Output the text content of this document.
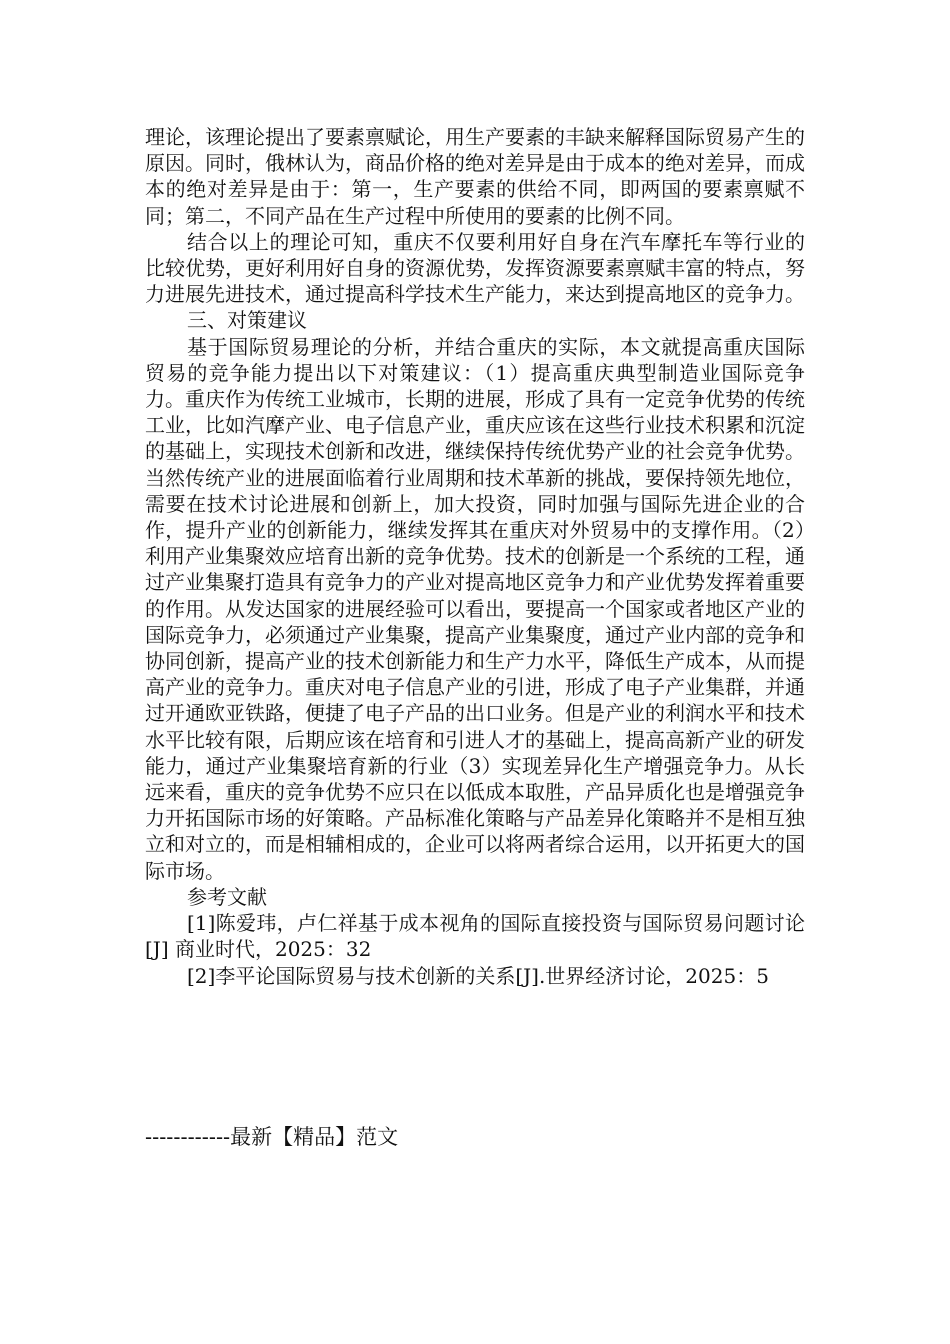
理论，该理论提出了要素禀赋论，用生产要素的丰缺来解释国际贸易产生的原因。同时，俄林认为，商品价格的绝对差异是由于成本的绝对差异，而成本的绝对差异是由于：第一，生产要素的供给不同，即两国的要素禀赋不同；第二，不同产品在生产过程中所使用的要素的比例不同。

结合以上的理论可知，重庆不仅要利用好自身在汽车摩托车等行业的比较优势，更好利用好自身的资源优势，发挥资源要素禀赋丰富的特点，努力进展先进技术，通过提高科学技术生产能力，来达到提高地区的竞争力。

三、对策建议

基于国际贸易理论的分析，并结合重庆的实际，本文就提高重庆国际贸易的竞争能力提出以下对策建议：（1）提高重庆典型制造业国际竞争力。重庆作为传统工业城市，长期的进展，形成了具有一定竞争优势的传统工业，比如汽摩产业、电子信息产业，重庆应该在这些行业技术积累和沉淀的基础上，实现技术创新和改进，继续保持传统优势产业的社会竞争优势。当然传统产业的进展面临着行业周期和技术革新的挑战，要保持领先地位，需要在技术讨论进展和创新上，加大投资，同时加强与国际先进企业的合作，提升产业的创新能力，继续发挥其在重庆对外贸易中的支撑作用。（2）利用产业集聚效应培育出新的竞争优势。技术的创新是一个系统的工程，通过产业集聚打造具有竞争力的产业对提高地区竞争力和产业优势发挥着重要的作用。从发达国家的进展经验可以看出，要提高一个国家或者地区产业的国际竞争力，必须通过产业集聚，提高产业集聚度，通过产业内部的竞争和协同创新，提高产业的技术创新能力和生产力水平，降低生产成本，从而提高产业的竞争力。重庆对电子信息产业的引进，形成了电子产业集群，并通过开通欧亚铁路，便捷了电子产品的出口业务。但是产业的利润水平和技术水平比较有限，后期应该在培育和引进人才的基础上，提高高新产业的研发能力，通过产业集聚培育新的行业（3）实现差异化生产增强竞争力。从长远来看，重庆的竞争优势不应只在以低成本取胜，产品异质化也是增强竞争力开拓国际市场的好策略。产品标准化策略与产品差异化策略并不是相互独立和对立的，而是相辅相成的，企业可以将两者综合运用，以开拓更大的国际市场。

参考文献

[1]陈爱玮，卢仁祥基于成本视角的国际直接投资与国际贸易问题讨论[J] 商业时代，2025：32

[2]李平论国际贸易与技术创新的关系[J].世界经济讨论，2025：5

------------最新【精品】范文
